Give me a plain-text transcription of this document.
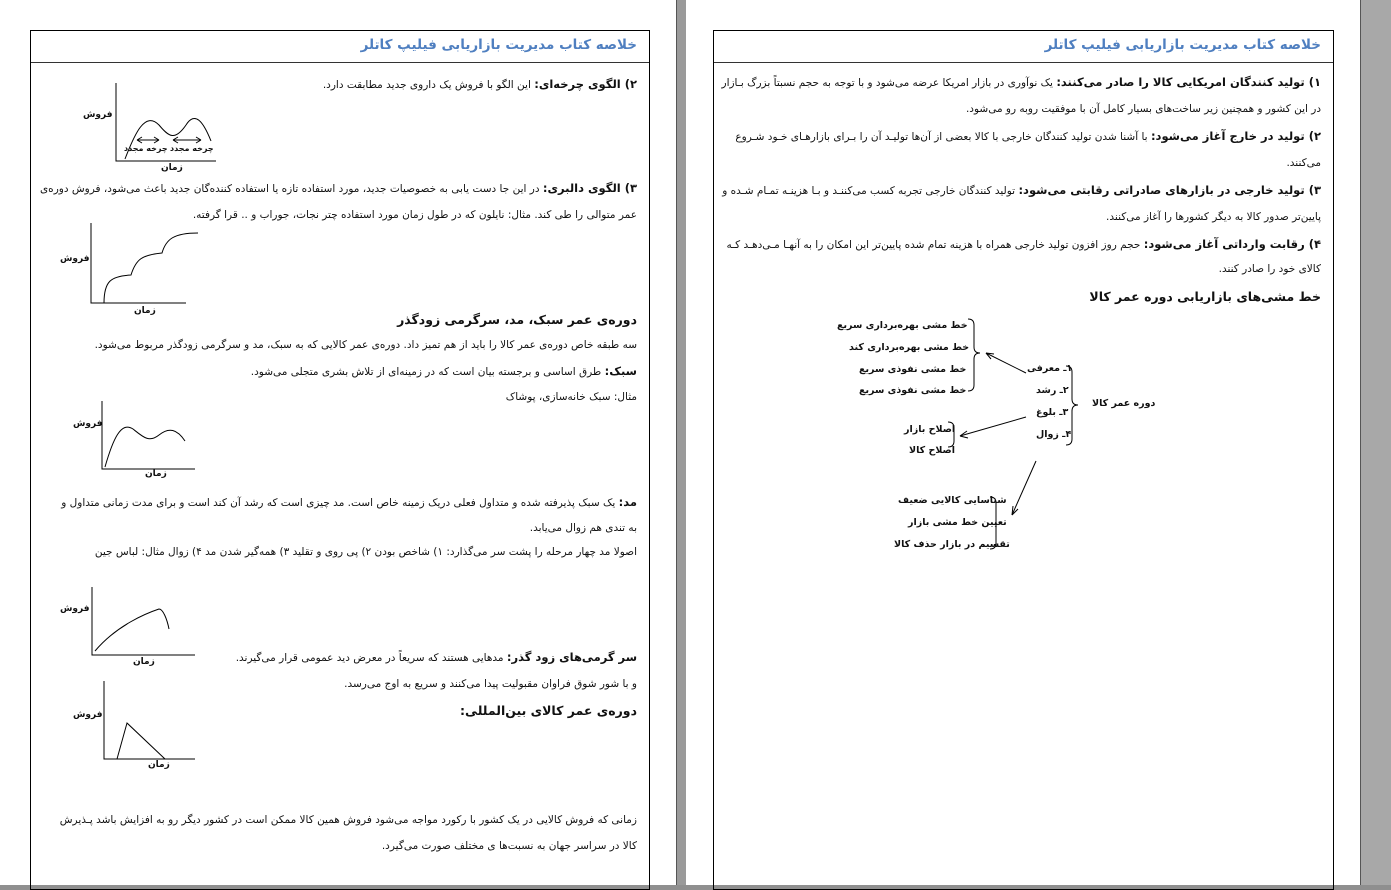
خلاصه کتاب مدیریت بازاریابی فیلیپ کاتلر
۲) الگوی چرخه‌ای: این الگو با فروش یک داروی جدید مطابقت دارد.
فروش
چرخه مجدد چرخه مجدد
زمان
۳) الگوی دالبری: در این جا دست یابی به خصوصیات جدید، مورد استفاده تازه یا استفاده کننده‌گان جدید باعث می‌شود، فروش دوره‌ی
عمر متوالی را طی کند. مثال: نایلون که در طول زمان مورد استفاده چتر نجات، جوراب و .. قرا گرفته.
فروش
زمان
دوره‌ی عمر سبک، مد، سرگرمی زودگذر
سه طبقه خاص دوره‌ی عمر کالا را باید از هم تمیز داد. دوره‌ی عمر کالایی که به سبک، مد و سرگرمی زودگذر مربوط می‌شود.
سبک: طرق اساسی و برجسته بیان است که در زمینه‌ای از تلاش بشری متجلی می‌شود.
مثال: سبک خانه‌سازی، پوشاک
فروش
زمان
مد: یک سبک پذیرفته شده و متداول فعلی دریک زمینه خاص است. مد چیزی است که رشد آن کند است و برای مدت زمانی متداول و
به تندی هم زوال می‌یابد.
اصولا مد چهار مرحله را پشت سر می‌گذارد: ۱) شاخص بودن ۲) پی روی و تقلید ۳) همه‌گیر شدن مد ۴) زوال مثال: لباس جین
فروش
زمان	سر گرمی‌های زود گذر: مدهایی هستند که سریعاً در معرض دید عمومی قرار می‌گیرند.
و با شور شوق فراوان مقبولیت پیدا می‌کنند و سریع به اوج می‌رسد.
دوره‌ی عمر کالای بین‌المللی:
فروش
زمان
زمانی که فروش کالایی در یک کشور با رکورد مواجه می‌شود فروش همین کالا ممکن است در کشور دیگر رو به افزایش باشد پـذیرش
کالا در سراسر جهان به نسبت‌ها ی مختلف صورت می‌گیرد.
خلاصه کتاب مدیریت بازاریابی فیلیپ کاتلر
۱) تولید کنندگان امریکایی کالا را صادر می‌کنند: یک نوآوری در بازار امریکا عرضه می‌شود و با توجه به حجم نسبتاً بزرگ بـازار
در این کشور و همچنین زیر ساخت‌های بسیار کامل آن با موفقیت روبه رو می‌شود.
۲) تولید در خارج آغاز می‌شود: با آشنا شدن تولید کنندگان خارجی با کالا بعضی از آن‌ها تولیـد آن را بـرای بازارهـای خـود شـروع
می‌کنند.
۳) تولید خارجی در بازارهای صادراتی رقابتی می‌شود: تولید کنندگان خارجی تجربه کسب می‌کننـد و بـا هزینـه تمـام شـده و
پایین‌تر صدور کالا به دیگر کشورها را آغاز می‌کنند.
۴) رقابت وارداتی آغاز می‌شود: حجم روز افزون تولید خارجی همراه با هزینه تمام شده پایین‌تر این امکان را به آنهـا مـی‌دهـد کـه
کالای خود را صادر کنند.
خط مشی‌های بازاریابی دوره عمر کالا
خط مشی بهره‌برداری سریع
خط مشی بهره‌برداری کند
خط مشی نفوذی سریع
خط مشی نفوذی سریع
۱ـ معرفی
۲ـ رشد
۳ـ بلوغ
۴ـ زوال
دوره عمر کالا
اصلاح بازار
اصلاح کالا
شناسایی کالایی ضعیف
تعیین خط مشی بازار
تقسیم در بازار حذف کالا
